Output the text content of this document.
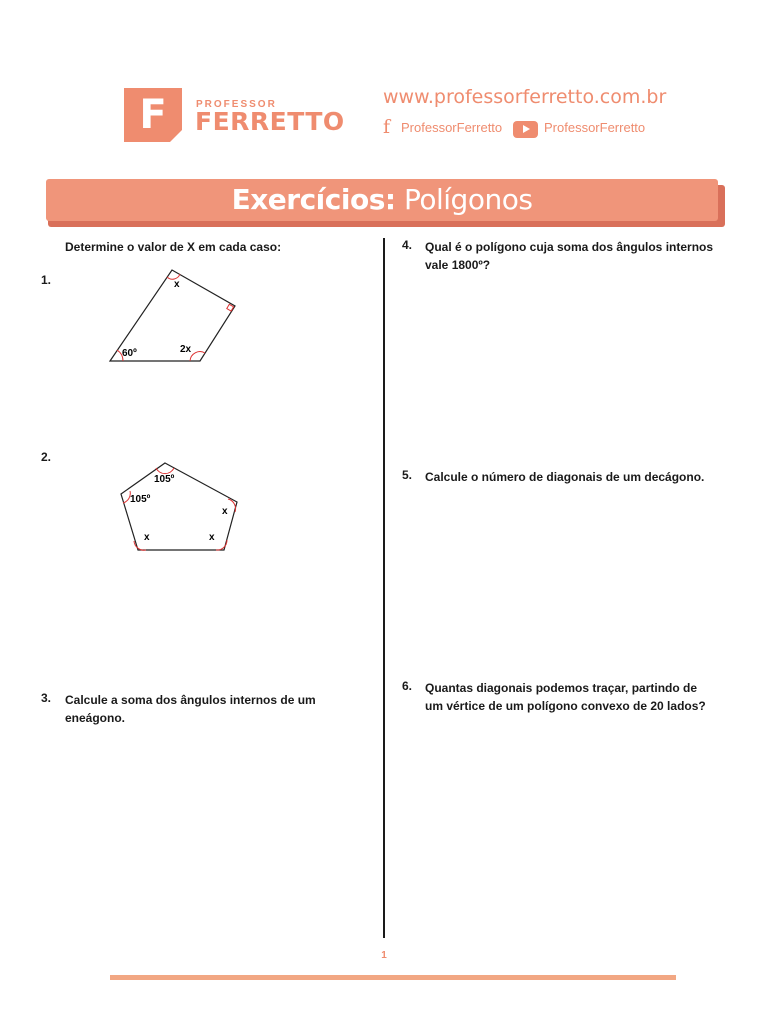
F	PROFESSOR
FERRETTO
www.professorferretto.com.br
f ProfessorFerretto	ProfessorFerretto
Exercícios: Polígonos
Determine o valor de X em cada caso:
1.	x
60º	2x
2.
105º
105º
x
x	x
3. Calcule a soma dos ângulos internos de um
eneágono.
4. Qual é o polígono cuja soma dos ângulos internos
vale 1800º?
5. Calcule o número de diagonais de um decágono.
6. Quantas diagonais podemos traçar, partindo de
um vértice de um polígono convexo de 20 lados?
1
